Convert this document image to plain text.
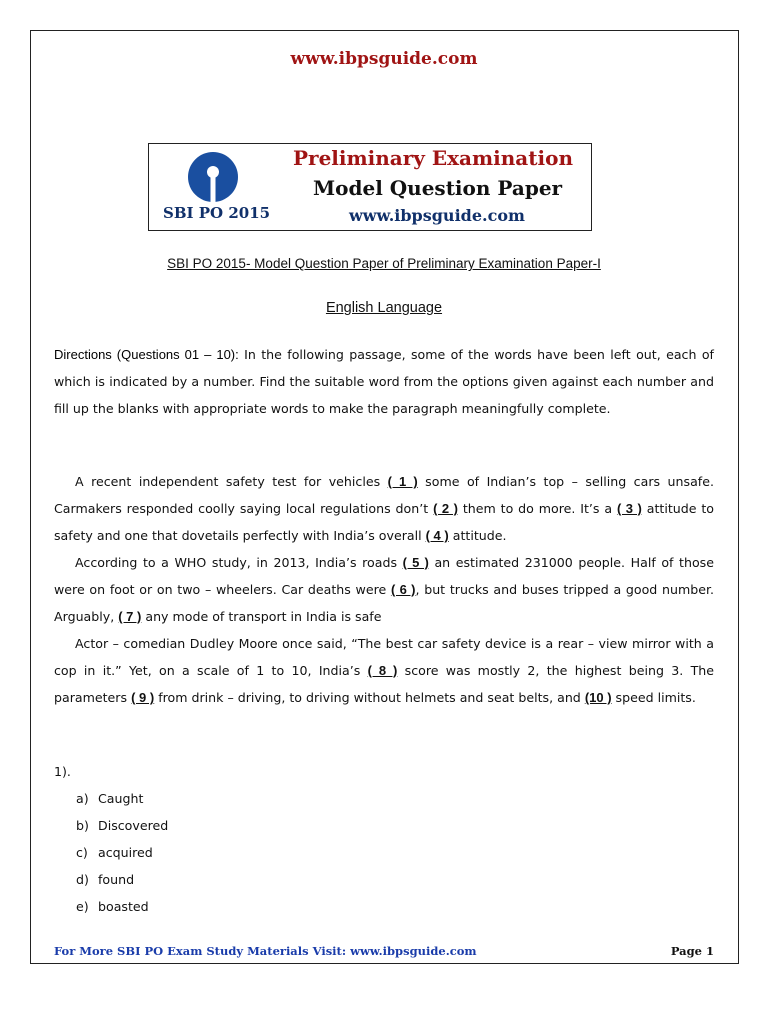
www.ibpsguide.com
SBI PO 2015
Preliminary Examination
Model Question Paper
www.ibpsguide.com
SBI PO 2015- Model Question Paper of Preliminary Examination Paper-I
English Language
Directions (Questions 01 – 10): In the following passage, some of the words have been left out, each of which is indicated by a number. Find the suitable word from the options given against each number and fill up the blanks with appropriate words to make the paragraph meaningfully complete.

A recent independent safety test for vehicles ( 1 ) some of Indian’s top – selling cars unsafe. Carmakers responded coolly saying local regulations don’t ( 2 ) them to do more. It’s a ( 3 ) attitude to safety and one that dovetails perfectly with India’s overall ( 4 ) attitude.

According to a WHO study, in 2013, India’s roads ( 5 ) an estimated 231000 people. Half of those were on foot or on two – wheelers. Car deaths were ( 6 ), but trucks and buses tripped a good number. Arguably, ( 7 ) any mode of transport in India is safe

Actor – comedian Dudley Moore once said, “The best car safety device is a rear – view mirror with a cop in it.” Yet, on a scale of 1 to 10, India’s ( 8 ) score was mostly 2, the highest being 3. The parameters ( 9 ) from drink – driving, to driving without helmets and seat belts, and (10 ) speed limits.

1).
a) Caught
b) Discovered
c) acquired
d) found
e) boasted
For More SBI PO Exam Study Materials Visit: www.ibpsguide.com	Page 1
